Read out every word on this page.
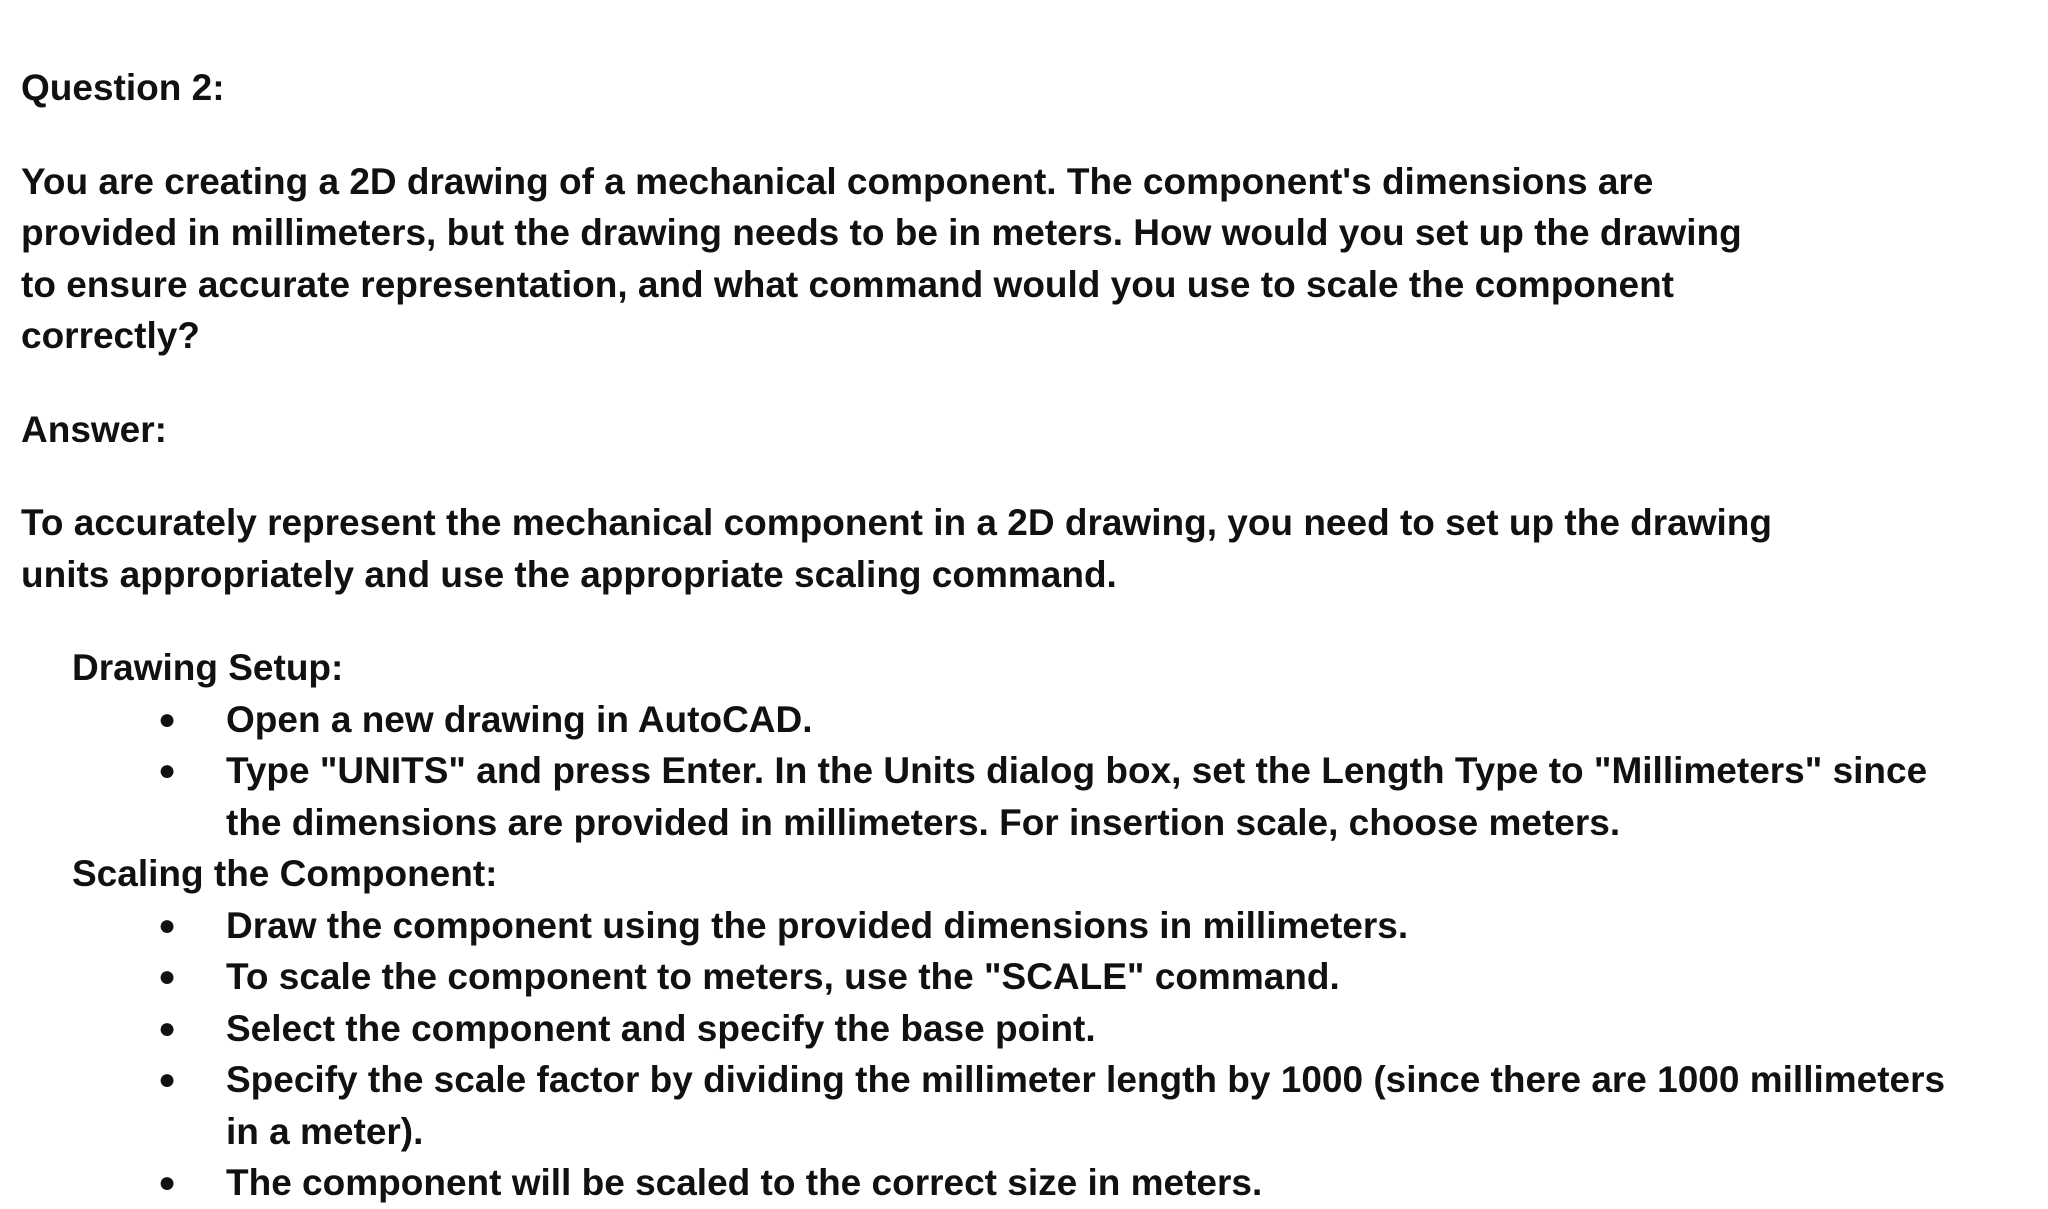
Question 2:

You are creating a 2D drawing of a mechanical component. The component's dimensions are provided in millimeters, but the drawing needs to be in meters. How would you set up the drawing to ensure accurate representation, and what command would you use to scale the component correctly?

Answer:

To accurately represent the mechanical component in a 2D drawing, you need to set up the drawing units appropriately and use the appropriate scaling command.

Drawing Setup:
● Open a new drawing in AutoCAD.
● Type "UNITS" and press Enter. In the Units dialog box, set the Length Type to "Millimeters" since the dimensions are provided in millimeters. For insertion scale, choose meters.
Scaling the Component:
● Draw the component using the provided dimensions in millimeters.
● To scale the component to meters, use the "SCALE" command.
● Select the component and specify the base point.
● Specify the scale factor by dividing the millimeter length by 1000 (since there are 1000 millimeters in a meter).
● The component will be scaled to the correct size in meters.
